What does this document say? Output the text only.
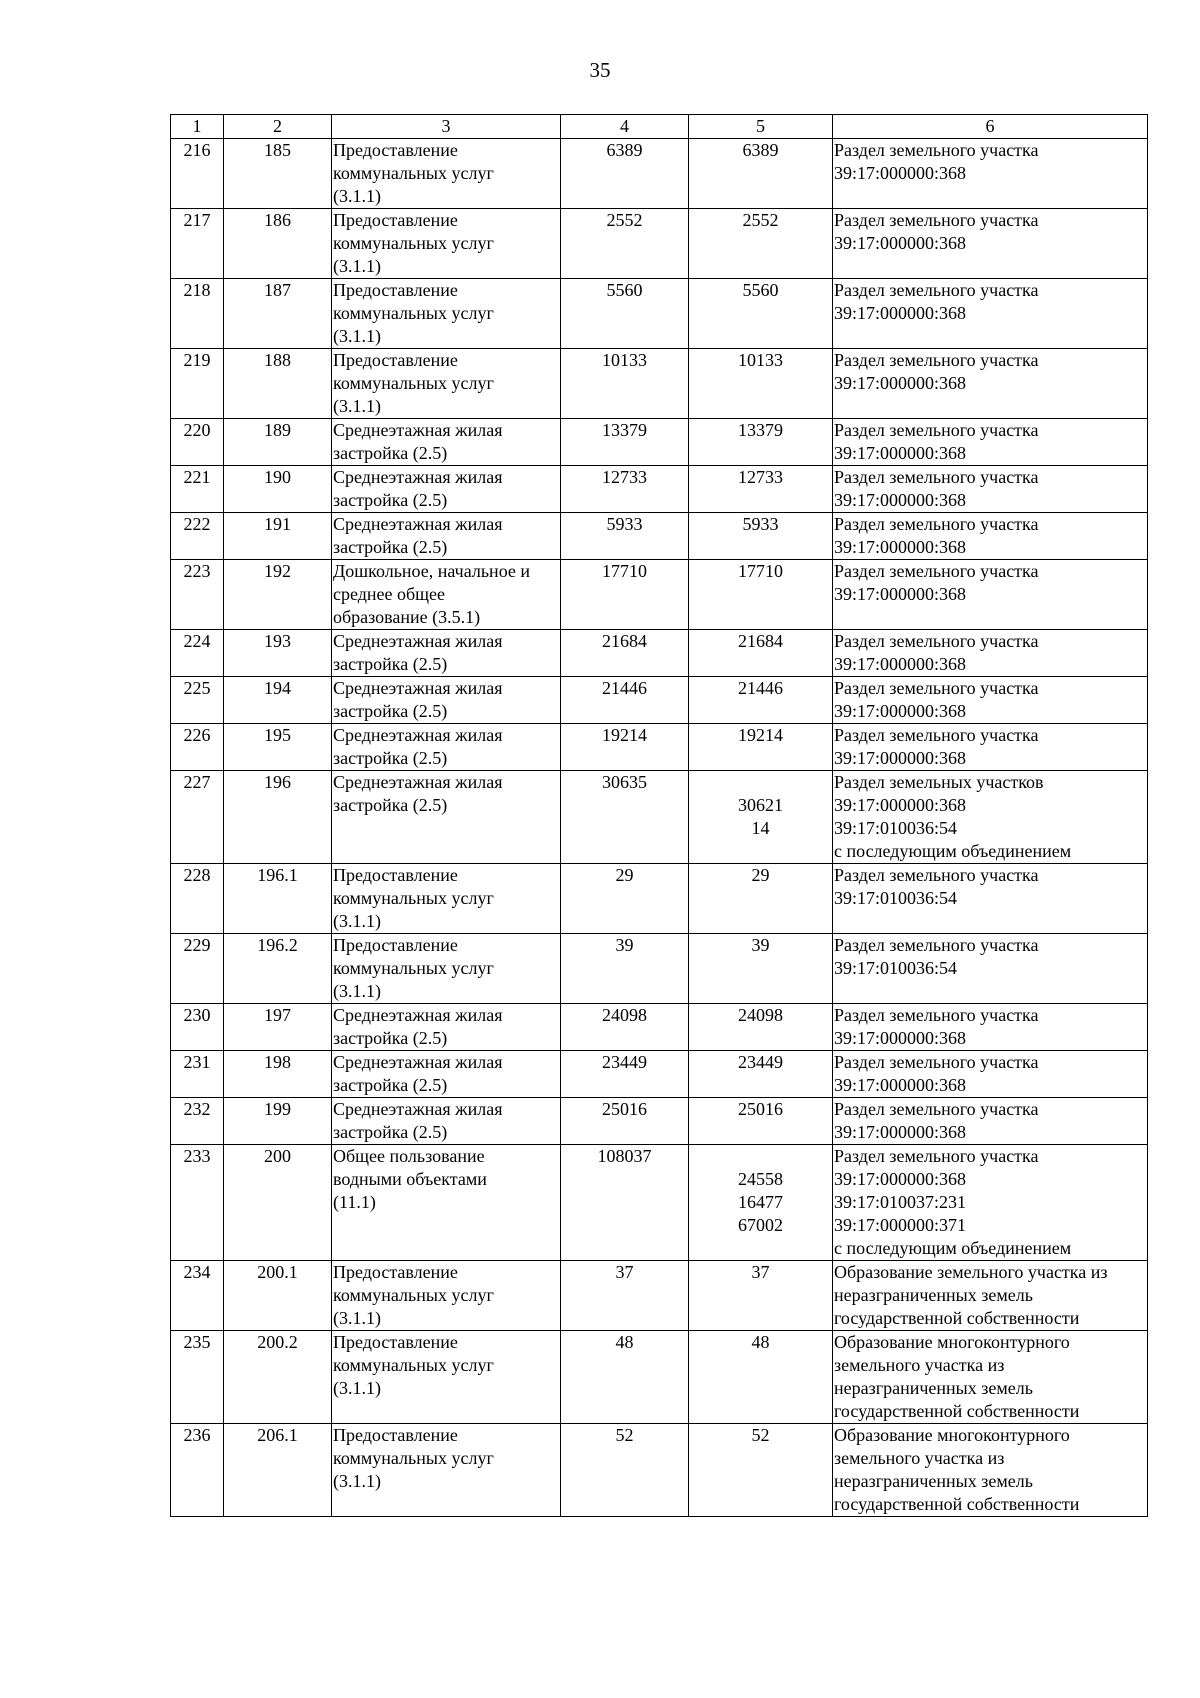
35
1	2	3	4	5	6
216	185	Предоставление
коммунальных услуг
(3.1.1)	6389	6389	Раздел земельного участка
39:17:000000:368

217	186	Предоставление
коммунальных услуг
(3.1.1)	2552	2552	Раздел земельного участка
39:17:000000:368

218	187	Предоставление
коммунальных услуг
(3.1.1)	5560	5560	Раздел земельного участка
39:17:000000:368

219	188	Предоставление
коммунальных услуг
(3.1.1)	10133	10133	Раздел земельного участка
39:17:000000:368

220	189	Среднеэтажная жилая
застройка (2.5)	13379	13379	Раздел земельного участка
39:17:000000:368

221	190	Среднеэтажная жилая
застройка (2.5)	12733	12733	Раздел земельного участка
39:17:000000:368

222	191	Среднеэтажная жилая
застройка (2.5)	5933	5933	Раздел земельного участка
39:17:000000:368

223	192	Дошкольное, начальное и
среднее общее
образование (3.5.1)	17710	17710	Раздел земельного участка
39:17:000000:368

224	193	Среднеэтажная жилая
застройка (2.5)	21684	21684	Раздел земельного участка
39:17:000000:368

225	194	Среднеэтажная жилая
застройка (2.5)	21446	21446	Раздел земельного участка
39:17:000000:368

226	195	Среднеэтажная жилая
застройка (2.5)	19214	19214	Раздел земельного участка
39:17:000000:368

227	196	Среднеэтажная жилая
застройка (2.5)	30635	30621
14	Раздел земельных участков
39:17:000000:368
39:17:010036:54
с последующим объединением

228	196.1	Предоставление
коммунальных услуг
(3.1.1)	29	29	Раздел земельного участка
39:17:010036:54

229	196.2	Предоставление
коммунальных услуг
(3.1.1)	39	39	Раздел земельного участка
39:17:010036:54

230	197	Среднеэтажная жилая
застройка (2.5)	24098	24098	Раздел земельного участка
39:17:000000:368

231	198	Среднеэтажная жилая
застройка (2.5)	23449	23449	Раздел земельного участка
39:17:000000:368

232	199	Среднеэтажная жилая
застройка (2.5)	25016	25016	Раздел земельного участка
39:17:000000:368

233	200	Общее пользование
водными объектами
(11.1)	108037	24558
16477
67002	Раздел земельного участка
39:17:000000:368
39:17:010037:231
39:17:000000:371
с последующим объединением

234	200.1	Предоставление
коммунальных услуг
(3.1.1)	37	37	Образование земельного участка из
неразграниченных земель
государственной собственности

235	200.2	Предоставление
коммунальных услуг
(3.1.1)	48	48	Образование многоконтурного
земельного участка из
неразграниченных земель
государственной собственности

236	206.1	Предоставление
коммунальных услуг
(3.1.1)	52	52	Образование многоконтурного
земельного участка из
неразграниченных земель
государственной собственности
